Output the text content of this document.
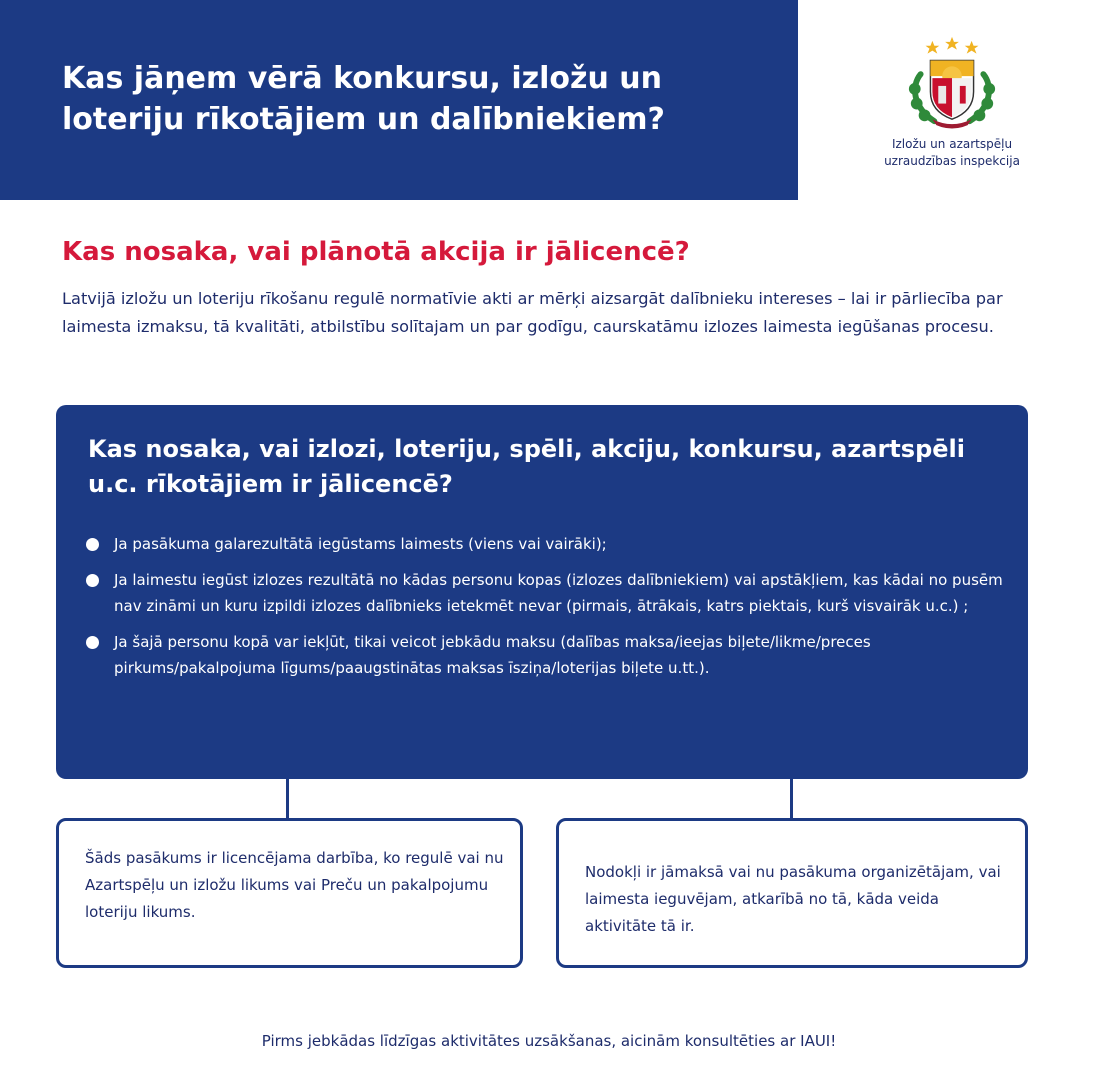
Kas jāņem vērā konkursu, izložu un loteriju rīkotājiem un dalībniekiem?
Izložu un azartspēļu
uzraudzības inspekcija
Kas nosaka, vai plānotā akcija ir jālicencē?

Latvijā izložu un loteriju rīkošanu regulē normatīvie akti ar mērķi aizsargāt dalībnieku intereses – lai ir pārliecība par laimesta izmaksu, tā kvalitāti, atbilstību solītajam un par godīgu, caurskatāmu izlozes laimesta iegūšanas procesu.

Kas nosaka, vai izlozi, loteriju, spēli, akciju, konkursu, azartspēli u.c. rīkotājiem ir jālicencē?
Ja pasākuma galarezultātā iegūstams laimests (viens vai vairāki);
Ja laimestu iegūst izlozes rezultātā no kādas personu kopas (izlozes dalībniekiem) vai apstākļiem, kas kādai no pusēm nav zināmi un kuru izpildi izlozes dalībnieks ietekmēt nevar (pirmais, ātrākais, katrs piektais, kurš visvairāk u.c.) ;
Ja šajā personu kopā var iekļūt, tikai veicot jebkādu maksu (dalības maksa/ieejas biļete/likme/preces pirkums/pakalpojuma līgums/paaugstinātas maksas īsziņa/loterijas biļete u.tt.).

Šāds pasākums ir licencējama darbība, ko regulē vai nu Azartspēļu un izložu likums vai Preču un pakalpojumu loteriju likums.

Nodokļi ir jāmaksā vai nu pasākuma organizētājam, vai laimesta ieguvējam, atkarībā no tā, kāda veida aktivitāte tā ir.

Pirms jebkādas līdzīgas aktivitātes uzsākšanas, aicinām konsultēties ar IAUI!
